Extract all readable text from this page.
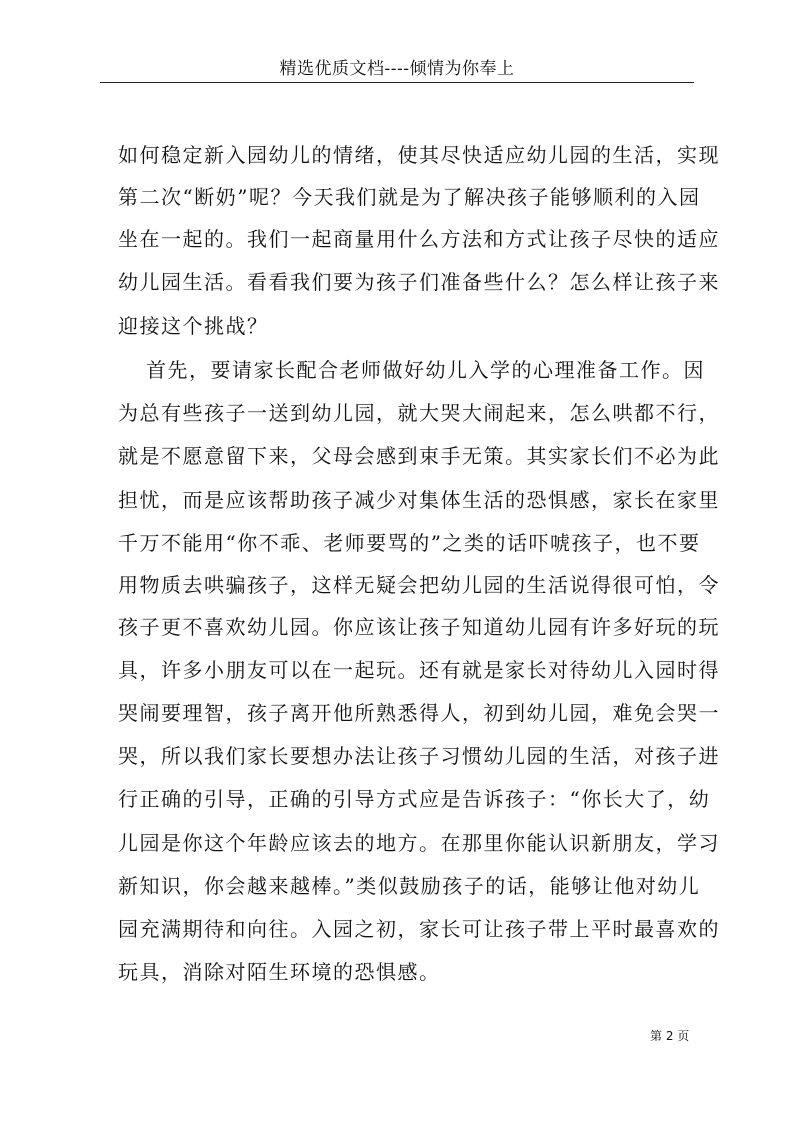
精选优质文档----倾情为你奉上
如何稳定新入园幼儿的情绪，使其尽快适应幼儿园的生活，实现
第二次“断奶”呢？今天我们就是为了解决孩子能够顺利的入园
坐在一起的。我们一起商量用什么方法和方式让孩子尽快的适应
幼儿园生活。看看我们要为孩子们准备些什么？怎么样让孩子来
迎接这个挑战？
首先，要请家长配合老师做好幼儿入学的心理准备工作。因
为总有些孩子一送到幼儿园，就大哭大闹起来，怎么哄都不行，
就是不愿意留下来，父母会感到束手无策。其实家长们不必为此
担忧，而是应该帮助孩子减少对集体生活的恐惧感，家长在家里
千万不能用“你不乖、老师要骂的”之类的话吓唬孩子，也不要
用物质去哄骗孩子，这样无疑会把幼儿园的生活说得很可怕，令
孩子更不喜欢幼儿园。你应该让孩子知道幼儿园有许多好玩的玩
具，许多小朋友可以在一起玩。还有就是家长对待幼儿入园时得
哭闹要理智，孩子离开他所熟悉得人，初到幼儿园，难免会哭一
哭，所以我们家长要想办法让孩子习惯幼儿园的生活，对孩子进
行正确的引导，正确的引导方式应是告诉孩子：“你长大了，幼
儿园是你这个年龄应该去的地方。在那里你能认识新朋友，学习
新知识，你会越来越棒。”类似鼓励孩子的话，能够让他对幼儿
园充满期待和向往。入园之初，家长可让孩子带上平时最喜欢的
玩具，消除对陌生环境的恐惧感。
第 2 页
